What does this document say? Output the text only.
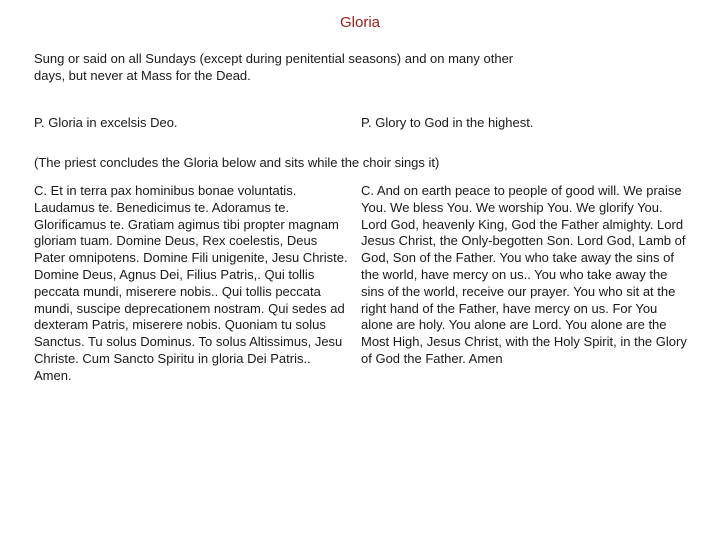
Gloria
Sung or said on all Sundays (except during penitential seasons) and on many other days, but never at Mass for the Dead.
P. Gloria in excelsis Deo.	P. Glory to God in the highest.
(The priest concludes the Gloria below and sits while the choir sings it)
C. Et in terra pax hominibus bonae voluntatis. Laudamus te. Benedicimus te. Adoramus te. Glorificamus te. Gratiam agimus tibi propter magnam gloriam tuam. Domine Deus, Rex coelestis, Deus Pater omnipotens. Domine Fili unigenite, Jesu Christe. Domine Deus, Agnus Dei, Filius Patris,. Qui tollis peccata mundi, miserere nobis.. Qui tollis peccata mundi, suscipe deprecationem nostram. Qui sedes ad dexteram Patris, miserere nobis. Quoniam tu solus Sanctus. Tu solus Dominus. To solus Altissimus, Jesu Christe. Cum Sancto Spiritu in gloria Dei Patris.. Amen.
C. And on earth peace to people of good will. We praise You. We bless You. We worship You. We glorify You. Lord God, heavenly King, God the Father almighty. Lord Jesus Christ, the Only-begotten Son. Lord God, Lamb of God, Son of the Father. You who take away the sins of the world, have mercy on us.. You who take away the sins of the world, receive our prayer. You who sit at the right hand of the Father, have mercy on us. For You alone are holy. You alone are Lord. You alone are the Most High, Jesus Christ, with the Holy Spirit, in the Glory of God the Father. Amen
